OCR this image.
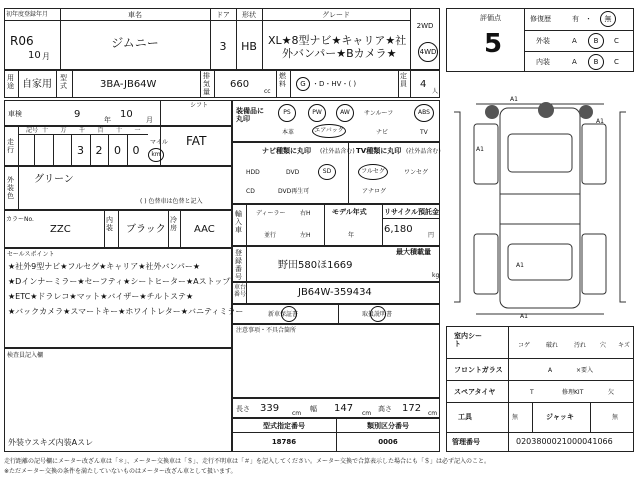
初年度登録年月
R06
10 月
車名
ジムニー
ドア
3
形状
HB
グレード
XL★8型ナビ★キャリア★社
外バンパー★Bカメラ★
2WD
4WD
用途 自家用
型式	3BA-JB64W
排気量
660
cc
燃料	G ・D・HV・( )
定員	4
人
評価点
5
修復歴	有 ・	無
外装	A	B	C
内装	A	B	C
車検	9	年 10 月
シフト
FAT
走行
記号 十 万 千
3
百
2
十
0
一
0
マイル
km
外装色
グリーン
( ) 色替車は色替と記入
カラーNo.
ZZC
内装	ブラック
冷房 AAC
セールスポイント
★社外9型ナビ★フルセグ★キャリア★社外バンパー★
★Dインナーミラー★セーフティ★シートヒーター★Aストップ
★ETC★ドラレコ★マット★バイザー★チルトステ★
★バックカメラ★スマートキー★ホワイトレター★バニティミラー
検査員記入欄
外装ウスキズ内装Aスレ
装備品に丸印
PS	PW	AW	サンルーフ	ABS
本革	エアバック	ナビ	TV
ナビ種類に丸印 (社外品含む)
HDD	DVD	SD
CD	DVD再生可
TV種類に丸印 (社外品含む)
フルセグ	ワンセグ
アナログ
輸入車
ディーラー
並行
右H
左H
モデル年式
年
リサイクル預託金
6,180
円
最大積載量
登録番号
野田580ほ1669
kg
車台番号	JB64W-359434
新車保証書	取扱説明書
注意事項・不具合箇所
長さ 339 cm
幅 147 cm
高さ 172 cm
型式指定番号
18786
類別区分番号
0006
A1
A1
A1
A1
A1
室内シート	コゲ	破れ	汚れ 穴 キズ
フロントガラス	A	×要入
スペアタイヤ	T	修理KIT	欠
工具	無	ジャッキ	無
管理番号	0203800021000041066
走行距離の記号欄にメーター改ざん車は「＊」、メーター交換車は「＄」、走行不明車は「＃」を記入してください。メーター交換で合算表示した場合にも「＄」は必ず記入のこと。
※ただメーター交換の条件を満たしていないものはメーター改ざん車として扱います。
